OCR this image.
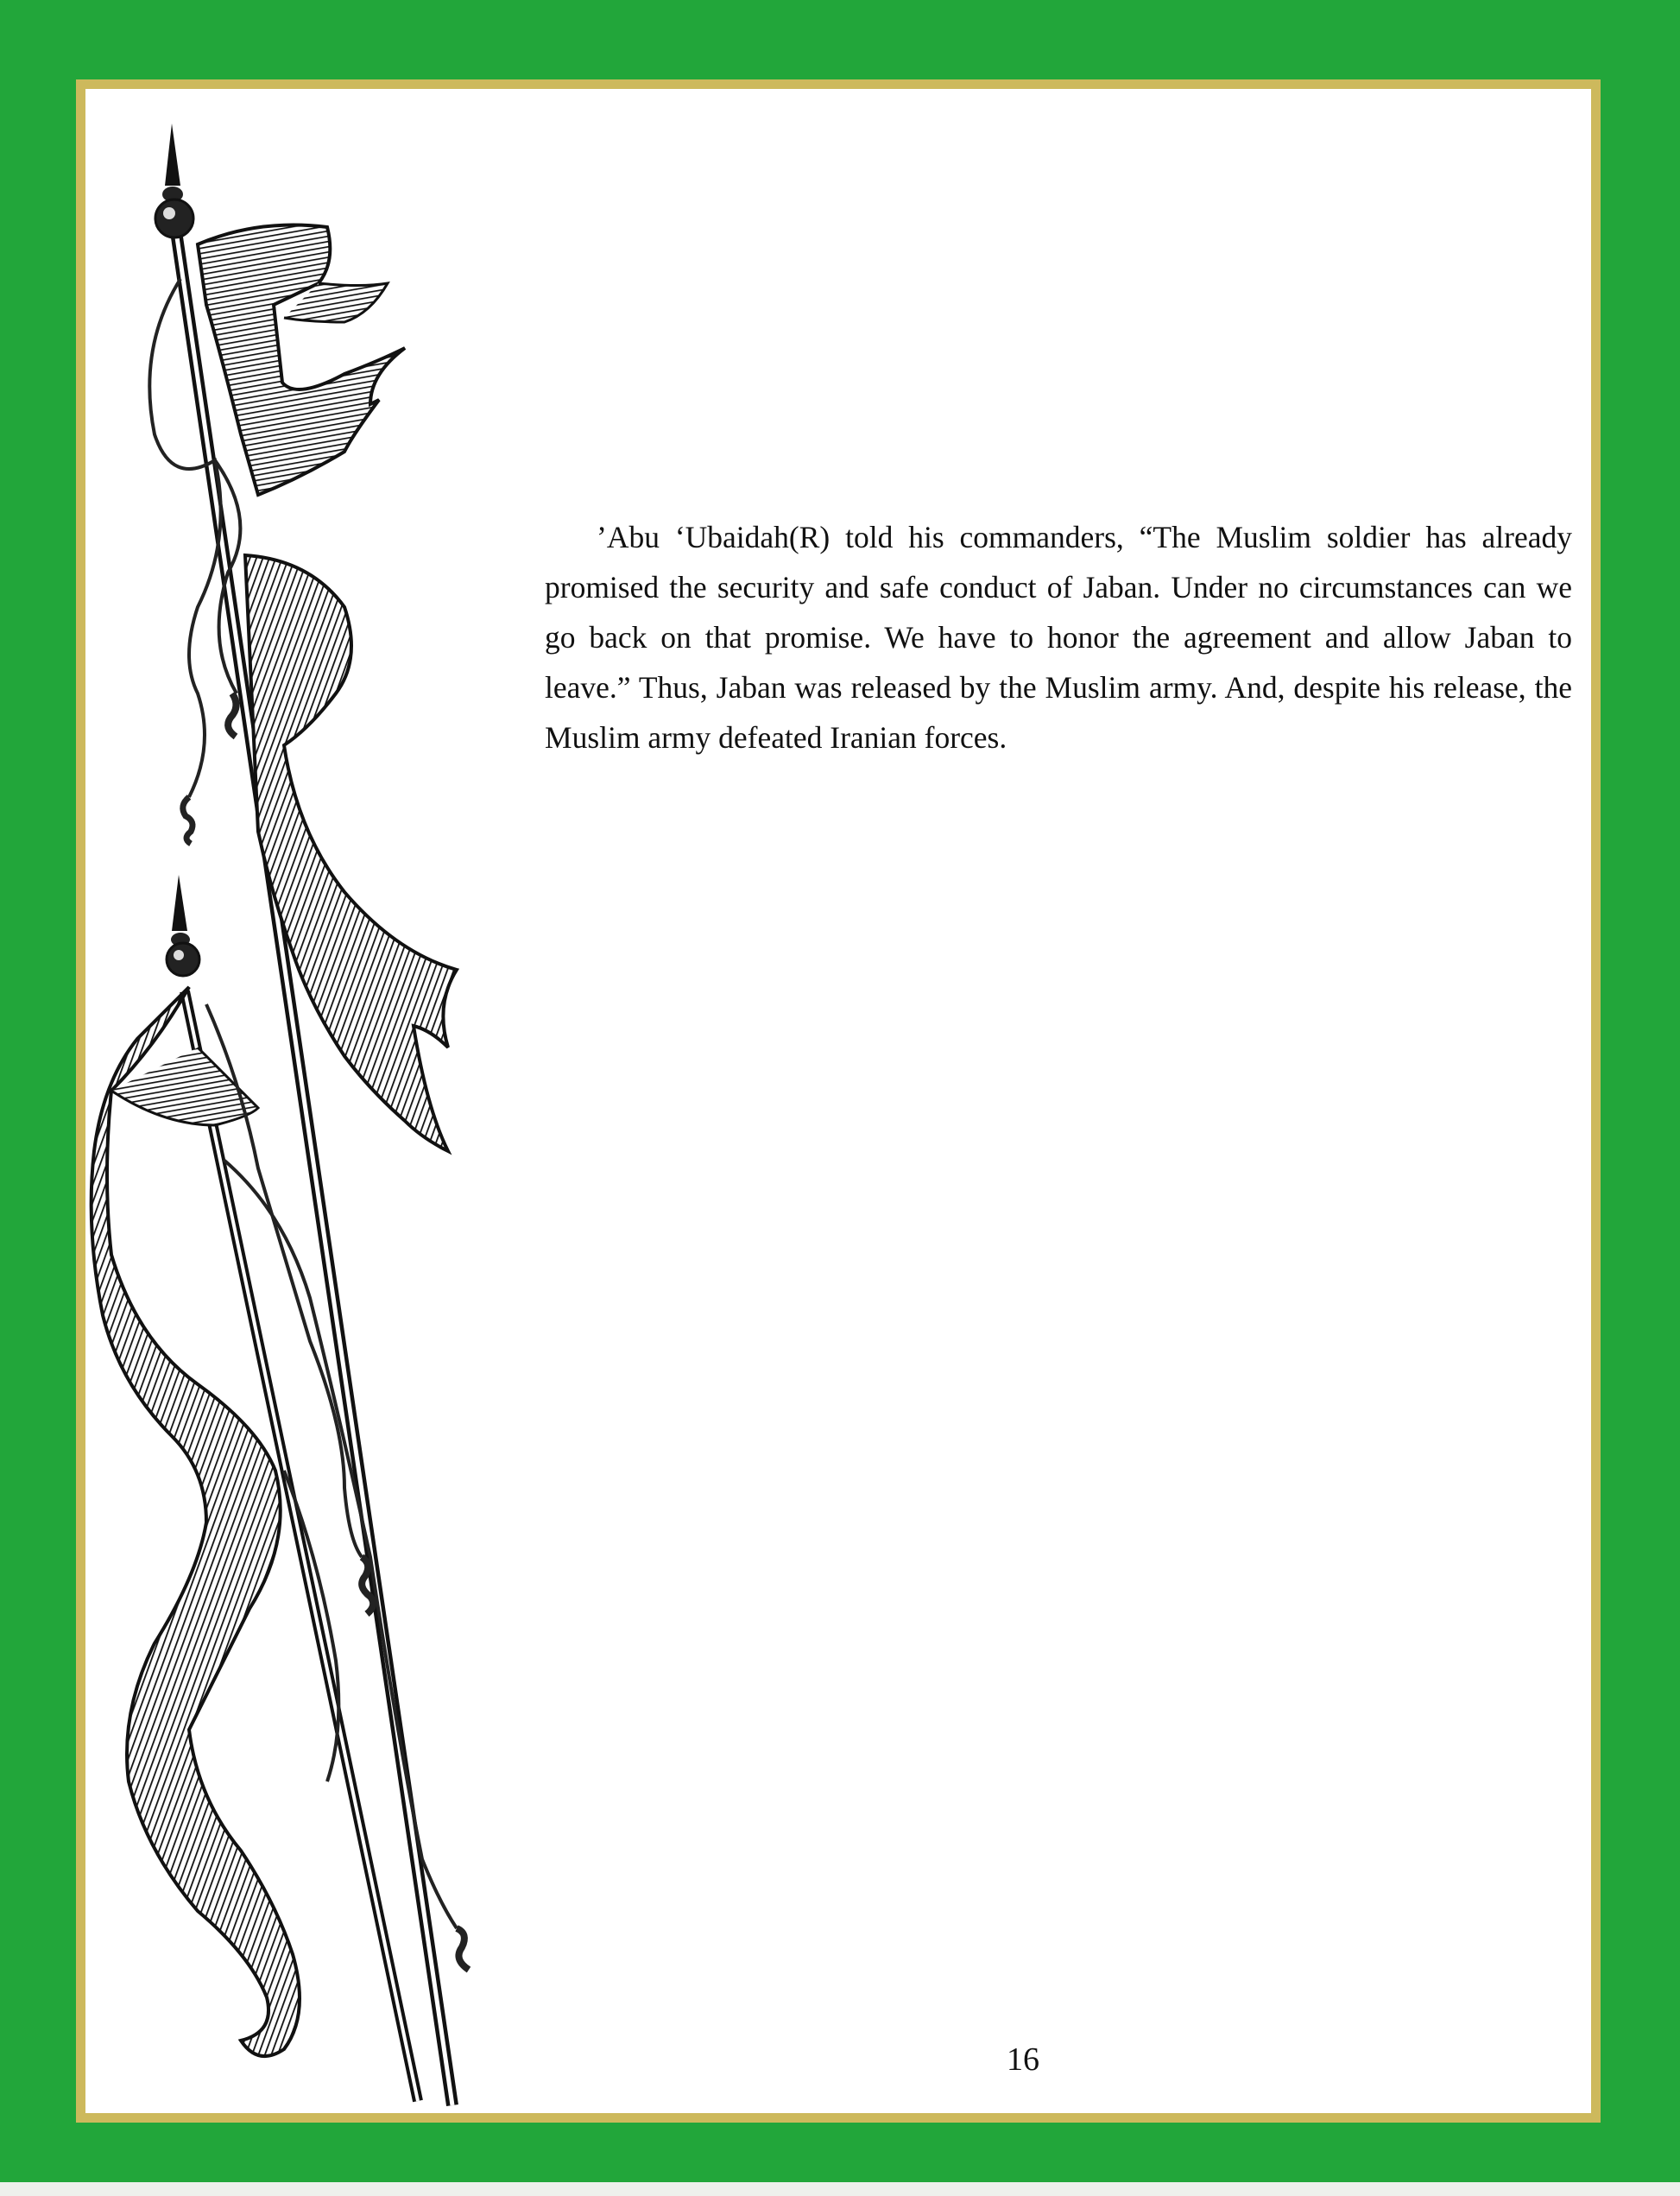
’Abu ‘Ubaidah(R) told his commanders, “The Muslim soldier has already promised the security and safe conduct of Jaban. Under no circumstances can we go back on that promise. We have to honor the agreement and allow Jaban to leave.” Thus, Jaban was released by the Muslim army. And, despite his release, the Muslim army defeated Iranian forces.

16
